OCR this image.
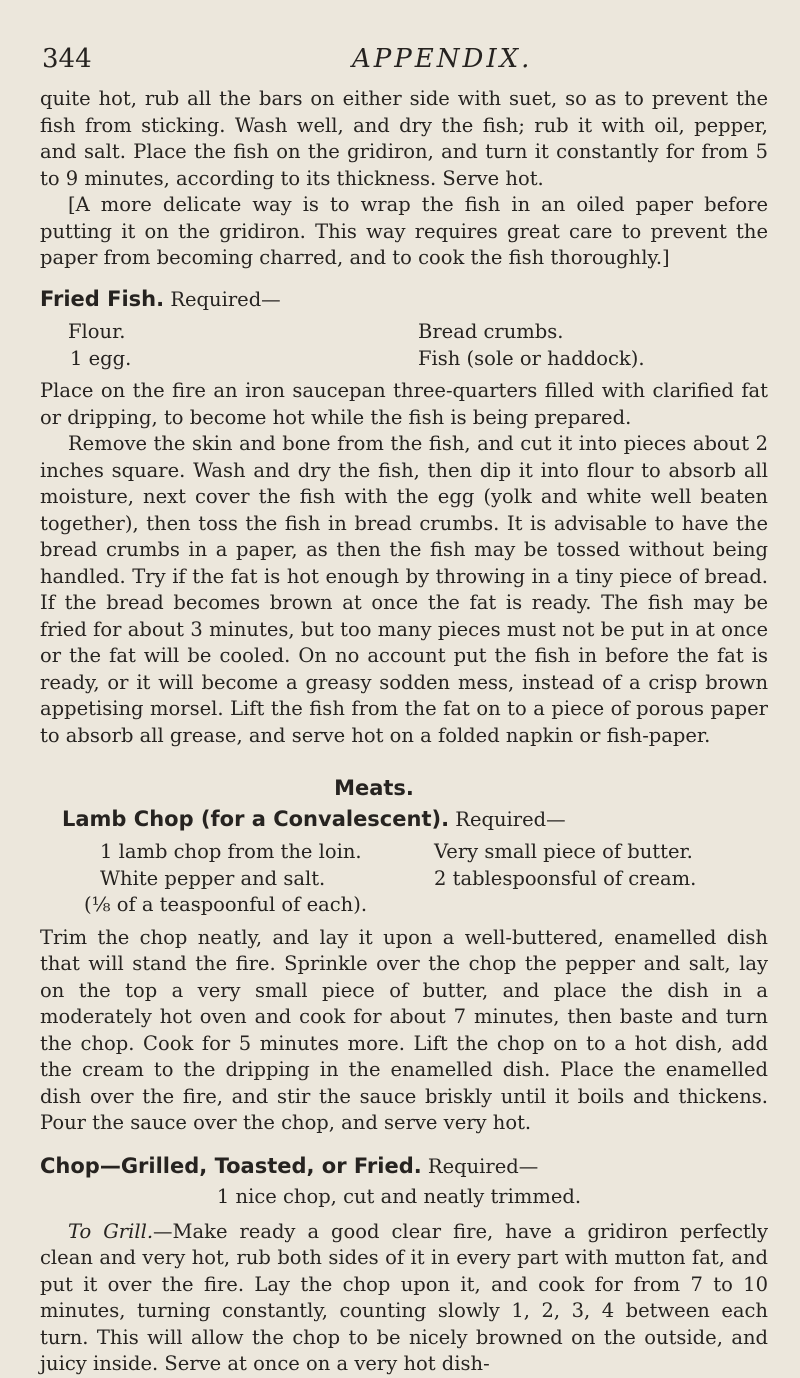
344	APPENDIX.

quite hot, rub all the bars on either side with suet, so as to prevent the fish from sticking. Wash well, and dry the fish; rub it with oil, pepper, and salt. Place the fish on the gridiron, and turn it constantly for from 5 to 9 minutes, according to its thickness. Serve hot.

[A more delicate way is to wrap the fish in an oiled paper before putting it on the gridiron. This way requires great care to prevent the paper from becoming charred, and to cook the fish thoroughly.]

Fried Fish. Required—
Flour.
1 egg.
Bread crumbs.
Fish (sole or haddock).

Place on the fire an iron saucepan three-quarters filled with clarified fat or dripping, to become hot while the fish is being prepared.

Remove the skin and bone from the fish, and cut it into pieces about 2 inches square. Wash and dry the fish, then dip it into flour to absorb all moisture, next cover the fish with the egg (yolk and white well beaten together), then toss the fish in bread crumbs. It is advisable to have the bread crumbs in a paper, as then the fish may be tossed without being handled. Try if the fat is hot enough by throwing in a tiny piece of bread. If the bread becomes brown at once the fat is ready. The fish may be fried for about 3 minutes, but too many pieces must not be put in at once or the fat will be cooled. On no account put the fish in before the fat is ready, or it will become a greasy sodden mess, instead of a crisp brown appetising morsel. Lift the fish from the fat on to a piece of porous paper to absorb all grease, and serve hot on a folded napkin or fish-paper.

Meats.
Lamb Chop (for a Convalescent). Required—
1 lamb chop from the loin.
White pepper and salt.
Very small piece of butter.
2 tablespoonsful of cream.
(⅛ of a teaspoonful of each).

Trim the chop neatly, and lay it upon a well-buttered, enamelled dish that will stand the fire. Sprinkle over the chop the pepper and salt, lay on the top a very small piece of butter, and place the dish in a moderately hot oven and cook for about 7 minutes, then baste and turn the chop. Cook for 5 minutes more. Lift the chop on to a hot dish, add the cream to the dripping in the enamelled dish. Place the enamelled dish over the fire, and stir the sauce briskly until it boils and thickens. Pour the sauce over the chop, and serve very hot.

Chop—Grilled, Toasted, or Fried. Required—
1 nice chop, cut and neatly trimmed.

To Grill.—Make ready a good clear fire, have a gridiron perfectly clean and very hot, rub both sides of it in every part with mutton fat, and put it over the fire. Lay the chop upon it, and cook for from 7 to 10 minutes, turning constantly, counting slowly 1, 2, 3, 4 between each turn. This will allow the chop to be nicely browned on the outside, and juicy inside. Serve at once on a very hot dish-
